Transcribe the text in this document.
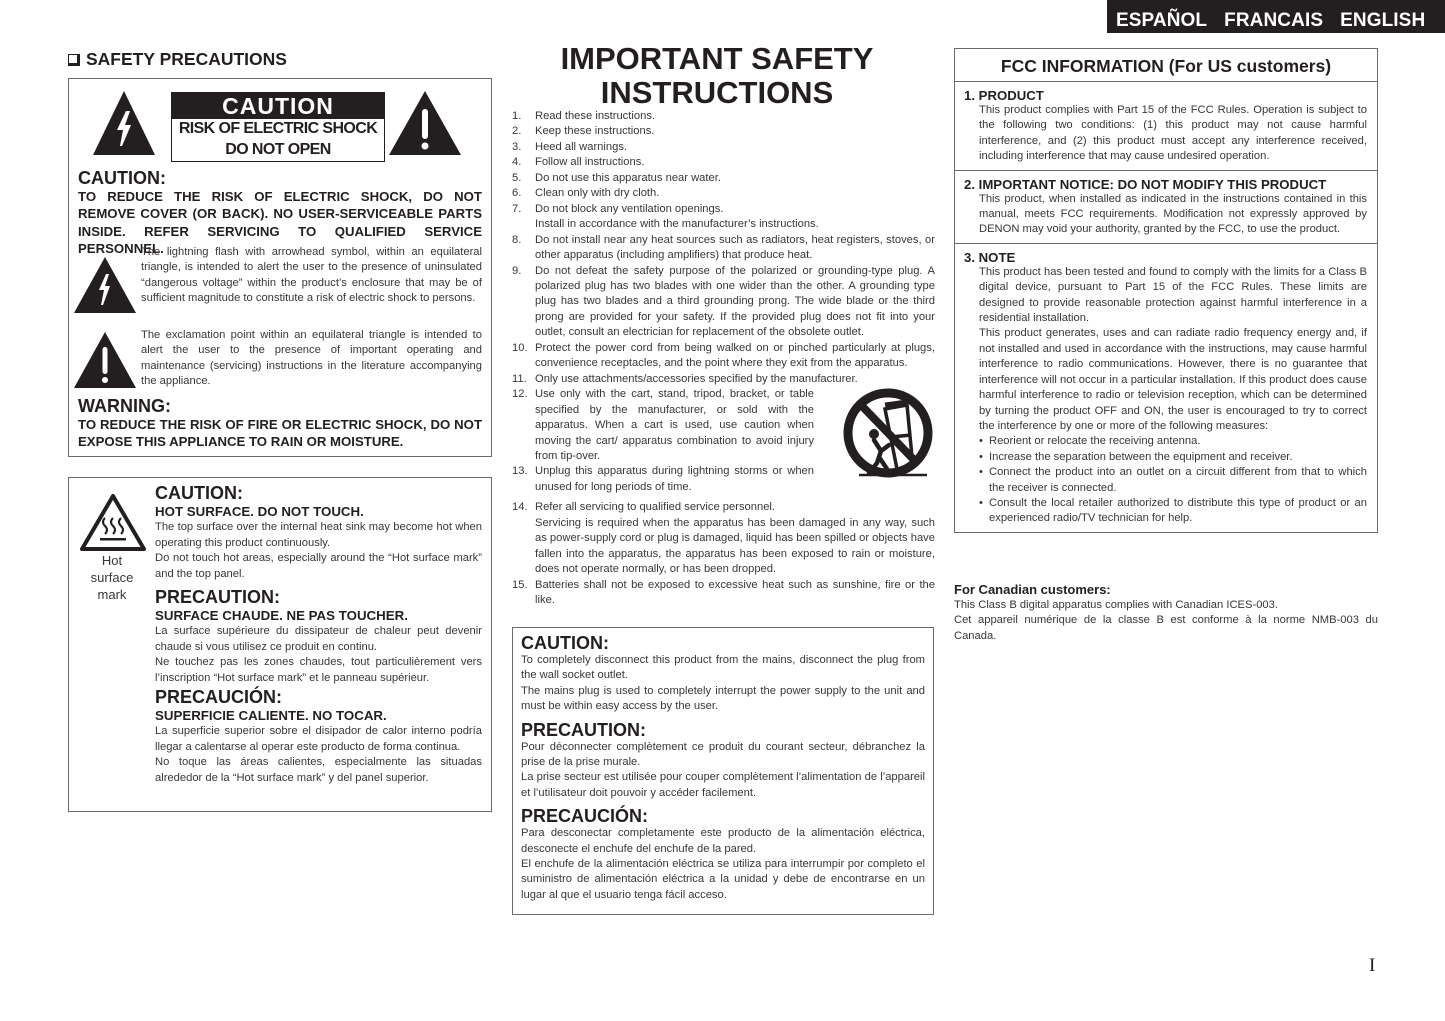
ESPAÑOL FRANCAIS ENGLISH
SAFETY PRECAUTIONS
CAUTION
RISK OF ELECTRIC SHOCK
DO NOT OPEN
CAUTION:
TO REDUCE THE RISK OF ELECTRIC SHOCK, DO NOT REMOVE COVER (OR BACK). NO USER-SERVICEABLE PARTS INSIDE. REFER SERVICING TO QUALIFIED SERVICE PERSONNEL.
The lightning flash with arrowhead symbol, within an equilateral triangle, is intended to alert the user to the presence of uninsulated “dangerous voltage” within the product’s enclosure that may be of sufficient magnitude to constitute a risk of electric shock to persons.
The exclamation point within an equilateral triangle is intended to alert the user to the presence of important operating and maintenance (servicing) instructions in the literature accompanying the appliance.
WARNING:
TO REDUCE THE RISK OF FIRE OR ELECTRIC SHOCK, DO NOT EXPOSE THIS APPLIANCE TO RAIN OR MOISTURE.
Hot
surface
mark
CAUTION:
HOT SURFACE. DO NOT TOUCH.
The top surface over the internal heat sink may become hot when operating this product continuously.
Do not touch hot areas, especially around the “Hot surface mark” and the top panel.
PRECAUTION:
SURFACE CHAUDE. NE PAS TOUCHER.
La surface supérieure du dissipateur de chaleur peut devenir chaude si vous utilisez ce produit en continu.
Ne touchez pas les zones chaudes, tout particulièrement vers l’inscription “Hot surface mark” et le panneau supérieur.
PRECAUCIÓN:
SUPERFICIE CALIENTE. NO TOCAR.
La superficie superior sobre el disipador de calor interno podría llegar a calentarse al operar este producto de forma continua.
No toque las áreas calientes, especialmente las situadas alrededor de la “Hot surface mark” y del panel superior.
IMPORTANT SAFETY
INSTRUCTIONS
1. Read these instructions.
2. Keep these instructions.
3. Heed all warnings.
4. Follow all instructions.
5. Do not use this apparatus near water.
6. Clean only with dry cloth.
7. Do not block any ventilation openings.
Install in accordance with the manufacturer’s instructions.
8. Do not install near any heat sources such as radiators, heat registers, stoves, or other apparatus (including amplifiers) that produce heat.
9. Do not defeat the safety purpose of the polarized or grounding-type plug. A polarized plug has two blades with one wider than the other. A grounding type plug has two blades and a third grounding prong. The wide blade or the third prong are provided for your safety. If the provided plug does not fit into your outlet, consult an electrician for replacement of the obsolete outlet.
10. Protect the power cord from being walked on or pinched particularly at plugs, convenience receptacles, and the point where they exit from the apparatus.
11. Only use attachments/accessories specified by the manufacturer.
12. Use only with the cart, stand, tripod, bracket, or table specified by the manufacturer, or sold with the apparatus. When a cart is used, use caution when moving the cart/ apparatus combination to avoid injury from tip-over.
13. Unplug this apparatus during lightning storms or when unused for long periods of time.
14. Refer all servicing to qualified service personnel.
Servicing is required when the apparatus has been damaged in any way, such as power-supply cord or plug is damaged, liquid has been spilled or objects have fallen into the apparatus, the apparatus has been exposed to rain or moisture, does not operate normally, or has been dropped.
15. Batteries shall not be exposed to excessive heat such as sunshine, fire or the like.
CAUTION:
To completely disconnect this product from the mains, disconnect the plug from the wall socket outlet.
The mains plug is used to completely interrupt the power supply to the unit and must be within easy access by the user.
PRECAUTION:
Pour déconnecter complètement ce produit du courant secteur, débranchez la prise de la prise murale.
La prise secteur est utilisée pour couper complètement l’alimentation de l’appareil et l’utilisateur doit pouvoir y accéder facilement.
PRECAUCIÓN:
Para desconectar completamente este producto de la alimentación eléctrica, desconecte el enchufe del enchufe de la pared.
El enchufe de la alimentación eléctrica se utiliza para interrumpir por completo el suministro de alimentación eléctrica a la unidad y debe de encontrarse en un lugar al que el usuario tenga fácil acceso.
FCC INFORMATION (For US customers)
1. PRODUCT
This product complies with Part 15 of the FCC Rules. Operation is subject to the following two conditions: (1) this product may not cause harmful interference, and (2) this product must accept any interference received, including interference that may cause undesired operation.
2. IMPORTANT NOTICE: DO NOT MODIFY THIS PRODUCT
This product, when installed as indicated in the instructions contained in this manual, meets FCC requirements. Modification not expressly approved by DENON may void your authority, granted by the FCC, to use the product.
3. NOTE
This product has been tested and found to comply with the limits for a Class B digital device, pursuant to Part 15 of the FCC Rules. These limits are designed to provide reasonable protection against harmful interference in a residential installation.
This product generates, uses and can radiate radio frequency energy and, if not installed and used in accordance with the instructions, may cause harmful interference to radio communications. However, there is no guarantee that interference will not occur in a particular installation. If this product does cause harmful interference to radio or television reception, which can be determined by turning the product OFF and ON, the user is encouraged to try to correct the interference by one or more of the following measures:
• Reorient or relocate the receiving antenna.
• Increase the separation between the equipment and receiver.
• Connect the product into an outlet on a circuit different from that to which the receiver is connected.
• Consult the local retailer authorized to distribute this type of product or an experienced radio/TV technician for help.
For Canadian customers:
This Class B digital apparatus complies with Canadian ICES-003.
Cet appareil numérique de la classe B est conforme à la norme NMB-003 du Canada.
I
